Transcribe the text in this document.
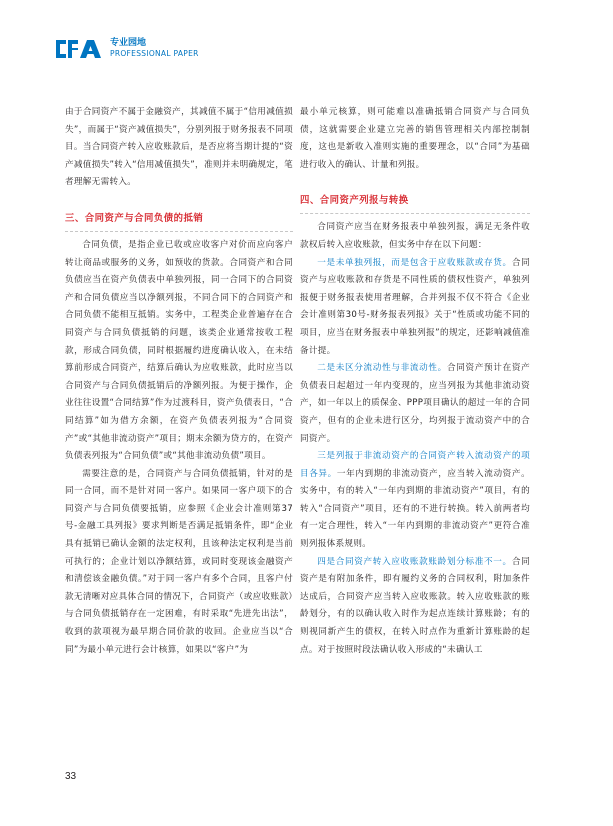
专业园地
PROFESSIONAL PAPER

由于合同资产不属于金融资产，其减值不属于“信用减值损失”，而属于“资产减值损失”，分别列报于财务报表不同项目。当合同资产转入应收账款后，是否应将当期计提的“资产减值损失”转入“信用减值损失”，准则并未明确规定，笔者理解无需转入。

三、合同资产与合同负债的抵销

合同负债，是指企业已收或应收客户对价而应向客户转让商品或服务的义务，如预收的货款。合同资产和合同负债应当在资产负债表中单独列报，同一合同下的合同资产和合同负债应当以净额列报，不同合同下的合同资产和合同负债不能相互抵销。实务中，工程类企业普遍存在合同资产与合同负债抵销的问题，该类企业通常按收工程款，形成合同负债，同时根据履约进度确认收入，在未结算前形成合同资产，结算后确认为应收账款，此时应当以合同资产与合同负债抵销后的净额列报。为便于操作，企业往往设置“合同结算”作为过渡科目，资产负债表日，“合同结算”如为借方余额，在资产负债表列报为“合同资产”或“其他非流动资产”项目；期末余额为贷方的，在资产负债表列报为“合同负债”或“其他非流动负债”项目。

需要注意的是，合同资产与合同负债抵销，针对的是同一合同，而不是针对同一客户。如果同一客户项下的合同资产与合同负债要抵销，应参照《企业会计准则第37号-金融工具列报》要求判断是否满足抵销条件，即“企业具有抵销已确认金额的法定权利，且该种法定权利是当前可执行的；企业计划以净额结算，或同时变现该金融资产和清偿该金融负债。”对于同一客户有多个合同，且客户付款无清晰对应具体合同的情况下，合同资产（或应收账款）与合同负债抵销存在一定困难，有时采取“先进先出法”，收到的款项视为最早期合同价款的收回。企业应当以“合同”为最小单元进行会计核算，如果以“客户”为

最小单元核算，则可能难以准确抵销合同资产与合同负债，这就需要企业建立完善的销售管理相关内部控制制度，这也是新收入准则实施的重要理念，以“合同”为基础进行收入的确认、计量和列报。

四、合同资产列报与转换

合同资产应当在财务报表中单独列报，满足无条件收款权后转入应收账款，但实务中存在以下问题：

一是未单独列报，而是包含于应收账款或存货。合同资产与应收账款和存货是不同性质的债权性资产，单独列报便于财务报表使用者理解，合并列报不仅不符合《企业会计准则第30号-财务报表列报》关于“性质或功能不同的项目，应当在财务报表中单独列报”的规定，还影响减值准备计提。

二是未区分流动性与非流动性。合同资产预计在资产负债表日起超过一年内变现的，应当列报为其他非流动资产，如一年以上的质保金、PPP项目确认的超过一年的合同资产，但有的企业未进行区分，均列报于流动资产中的合同资产。

三是列报于非流动资产的合同资产转入流动资产的项目各异。一年内到期的非流动资产，应当转入流动资产。实务中，有的转入“一年内到期的非流动资产”项目，有的转入“合同资产”项目，还有的不进行转换。转入前两者均有一定合理性，转入“一年内到期的非流动资产”更符合准则列报体系规则。

四是合同资产转入应收账款账龄划分标准不一。合同资产是有附加条件，即有履约义务的合同权利，附加条件达成后，合同资产应当转入应收账款。转入应收账款的账龄划分，有的以确认收入时作为起点连续计算账龄；有的则视同新产生的债权，在转入时点作为重新计算账龄的起点。对于按照时段法确认收入形成的“未确认工

33
